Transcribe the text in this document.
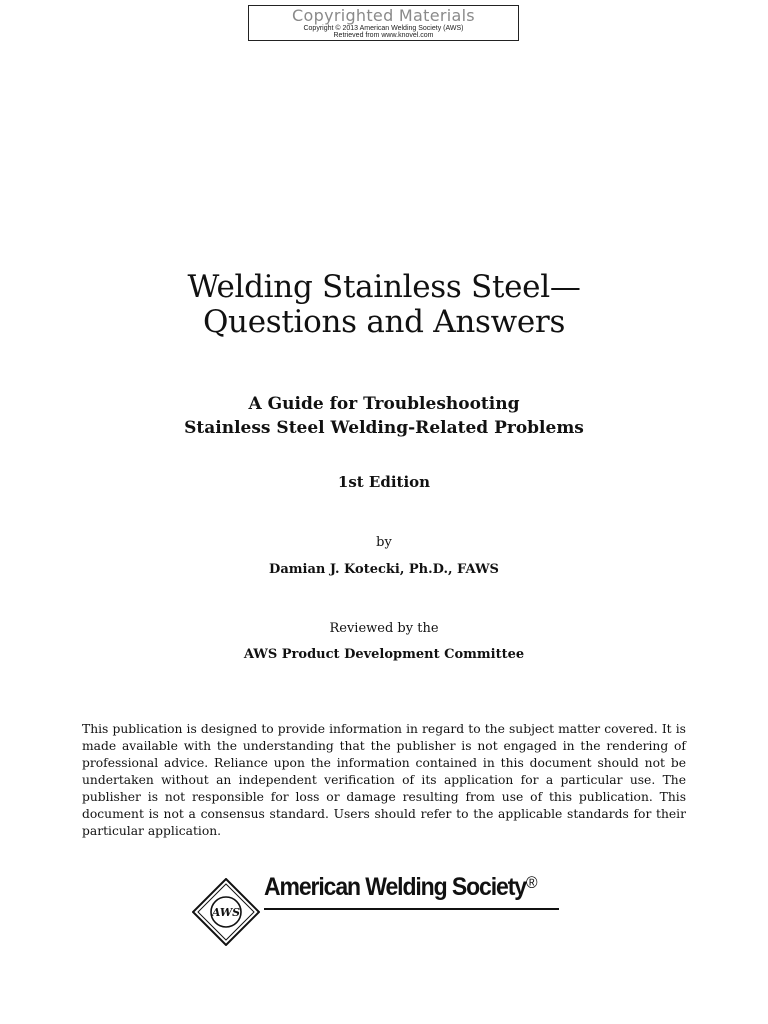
Copyrighted Materials
Copyright © 2013 American Welding Society (AWS)
Retrieved from www.knovel.com
Welding Stainless Steel—
Questions and Answers
A Guide for Troubleshooting
Stainless Steel Welding-Related Problems
1st Edition
by
Damian J. Kotecki, Ph.D., FAWS
Reviewed by the
AWS Product Development Committee

This publication is designed to provide information in regard to the subject matter covered. It is made available with the understanding that the publisher is not engaged in the rendering of professional advice. Reliance upon the information contained in this document should not be undertaken without an independent verification of its application for a particular use. The publisher is not responsible for loss or damage resulting from use of this publication. This document is not a consensus standard. Users should refer to the applicable standards for their particular application.

AWS
American Welding Society®
